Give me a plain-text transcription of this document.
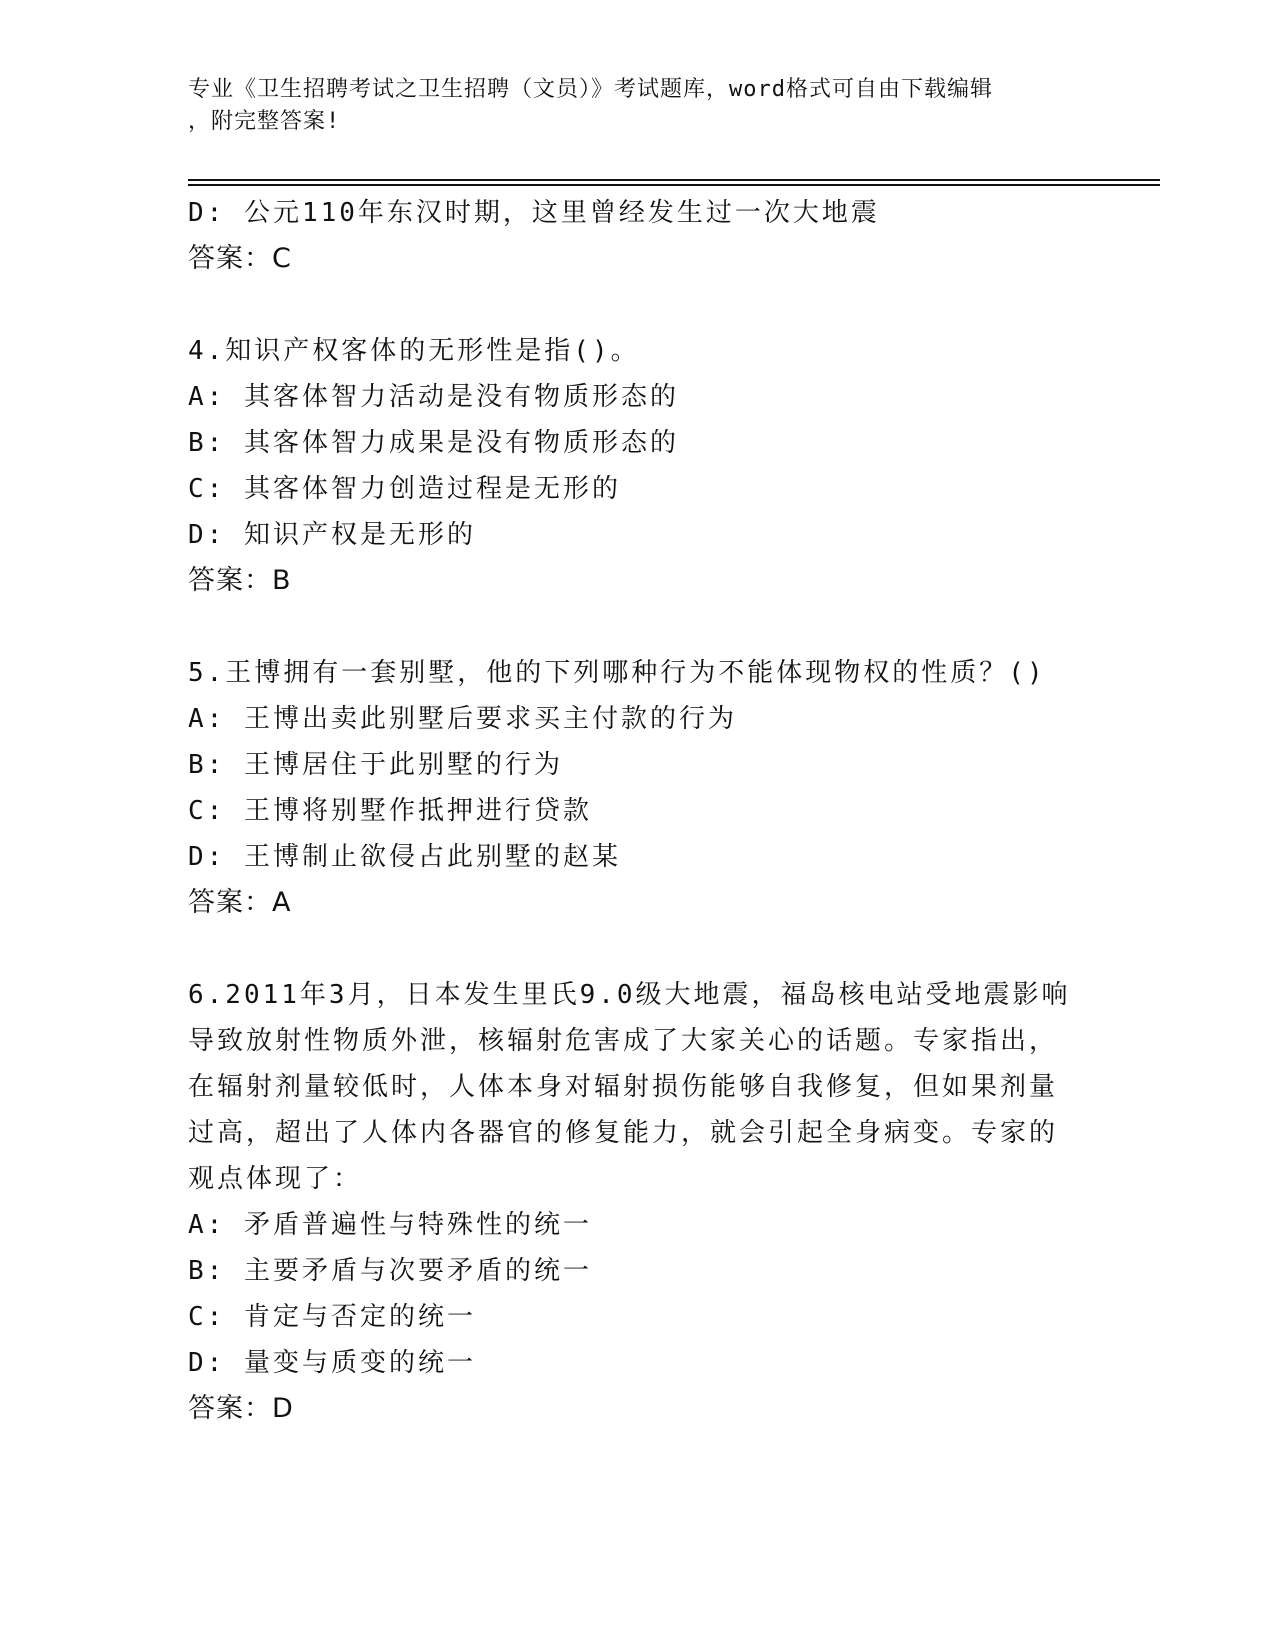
专业《卫生招聘考试之卫生招聘（文员）》考试题库，word格式可自由下载编辑
，附完整答案!
D: 公元110年东汉时期，这里曾经发生过一次大地震
答案：C
4.知识产权客体的无形性是指()。
A: 其客体智力活动是没有物质形态的
B: 其客体智力成果是没有物质形态的
C: 其客体智力创造过程是无形的
D: 知识产权是无形的
答案：B
5.王博拥有一套别墅，他的下列哪种行为不能体现物权的性质？()
A: 王博出卖此别墅后要求买主付款的行为
B: 王博居住于此别墅的行为
C: 王博将别墅作抵押进行贷款
D: 王博制止欲侵占此别墅的赵某
答案：A
6.2011年3月，日本发生里氏9.0级大地震，福岛核电站受地震影响
导致放射性物质外泄，核辐射危害成了大家关心的话题。专家指出，
在辐射剂量较低时，人体本身对辐射损伤能够自我修复，但如果剂量
过高，超出了人体内各器官的修复能力，就会引起全身病变。专家的
观点体现了：
A: 矛盾普遍性与特殊性的统一
B: 主要矛盾与次要矛盾的统一
C: 肯定与否定的统一
D: 量变与质变的统一
答案：D
